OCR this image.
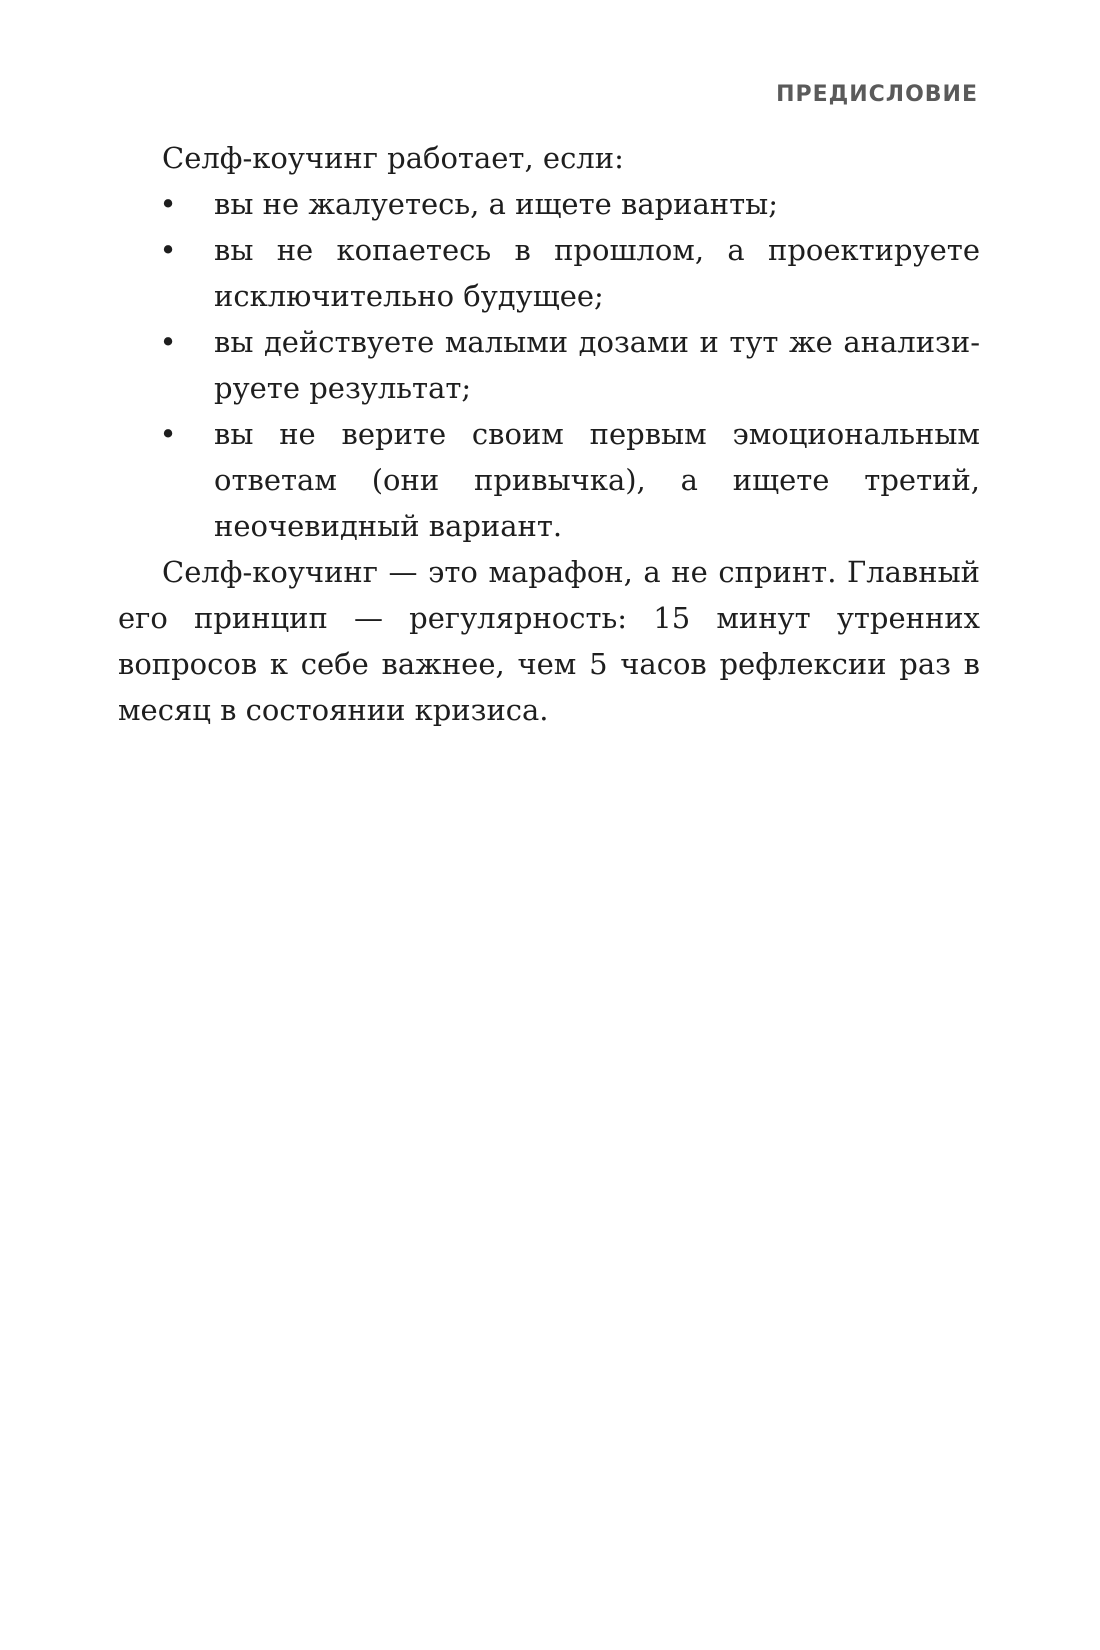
ПРЕДИСЛОВИЕ

Селф-коучинг работает, если:

• вы не жалуетесь, а ищете варианты;
• вы не копаетесь в прошлом, а проектируете исключительно будущее;
• вы действуете малыми дозами и тут же анализируете результат;
• вы не верите своим первым эмоциональным ответам (они привычка), а ищете третий, неочевидный вариант.

Селф-коучинг — это марафон, а не спринт. Главный его принцип — регулярность: 15 минут утренних вопросов к себе важнее, чем 5 часов рефлексии раз в месяц в состоянии кризиса.
